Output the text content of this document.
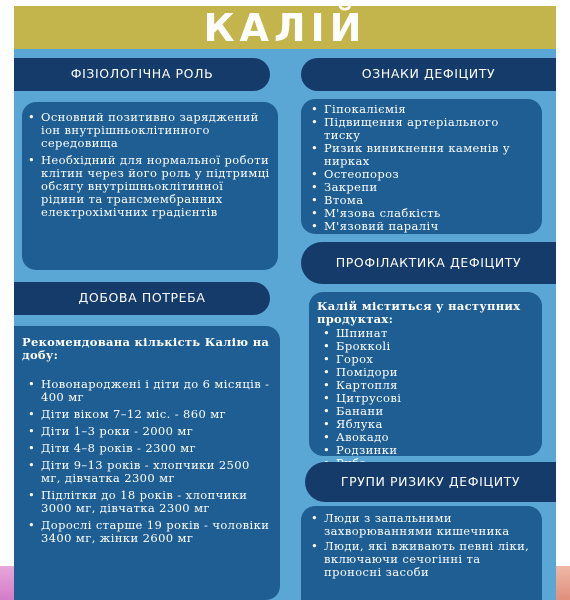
КАЛІЙ
ФІЗІОЛОГІЧНА РОЛЬ
• Основний позитивно заряджений іон внутрішньоклітинного середовища
• Необхідний для нормальної роботи клітин через його роль у підтримці обсягу внутрішньоклітинної рідини та трансмембранних електрохімічних градієнтів
ДОБОВА ПОТРЕБА
Рекомендована кількість Калію на добу:
• Новонароджені і діти до 6 місяців - 400 мг
• Діти віком 7–12 міс. - 860 мг
• Діти 1–3 роки - 2000 мг
• Діти 4–8 років - 2300 мг
• Діти 9–13 років - хлопчики 2500 мг, дівчатка 2300 мг
• Підлітки до 18 років - хлопчики 3000 мг, дівчатка 2300 мг
• Дорослі старше 19 років - чоловіки 3400 мг, жінки 2600 мг
ОЗНАКИ ДЕФІЦИТУ
• Гіпокаліємія
• Підвищення артеріального тиску
• Ризик виникнення каменів у нирках
• Остеопороз
• Закрепи
• Втома
• М'язова слабкість
• М'язовий параліч
ПРОФІЛАКТИКА ДЕФІЦИТУ
Калій міститься у наступних продуктах:
• Шпинат
• Броккolі
• Горох
• Помідори
• Картопля
• Цитрусові
• Банани
• Яблука
• Авокадо
• Родзинки
•
ГРУПИ РИЗИКУ ДЕФІЦИТУ
• Люди з запальними захворюваннями кишечника
• Люди, які вживають певні ліки, включаючи сечогінні та проносні засоби
